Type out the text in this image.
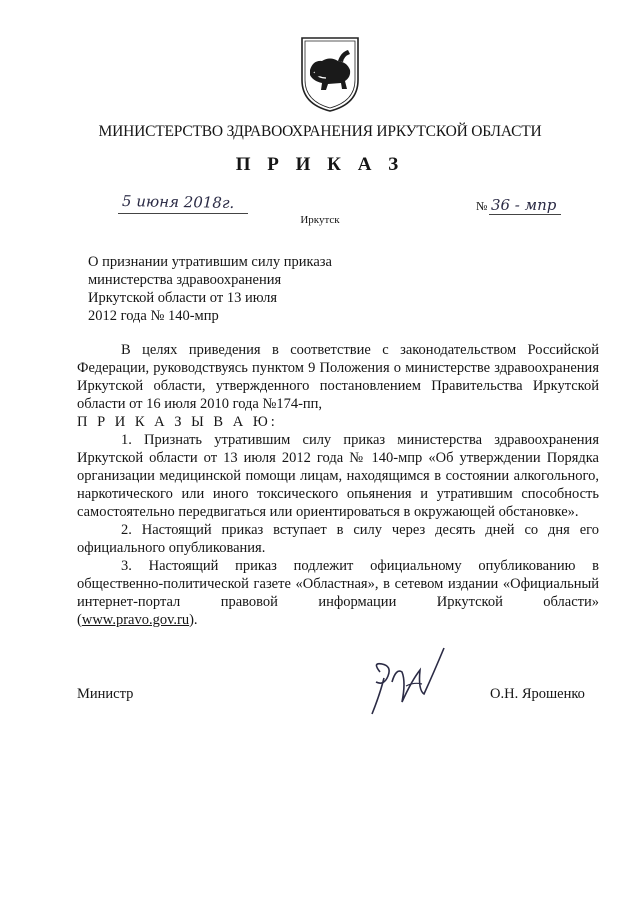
МИНИСТЕРСТВО ЗДРАВООХРАНЕНИЯ ИРКУТСКОЙ ОБЛАСТИ
П Р И К А З
5 июня 2018г.	№ 36 - мпр
Иркутск
О признании утратившим силу приказа
министерства здравоохранения
Иркутской области от 13 июля
2012 года № 140-мпр

В целях приведения в соответствие с законодательством Российской Федерации, руководствуясь пунктом 9 Положения о министерстве здравоохранения Иркутской области, утвержденного постановлением Правительства Иркутской области от 16 июля 2010 года №174-пп,

П Р И К А З Ы В А Ю:

1. Признать утратившим силу приказ министерства здравоохранения

Иркутской области от 13 июля 2012 года № 140-мпр «Об утверждении Порядка организации медицинской помощи лицам, находящимся в состоянии алкогольного, наркотического или иного токсического опьянения и утратившим способность самостоятельно передвигаться или ориентироваться в окружающей обстановке».

2. Настоящий приказ вступает в силу через десять дней со дня его официального опубликования.

3. Настоящий приказ подлежит официальному опубликованию в общественно-политической газете «Областная», в сетевом издании «Официальный интернет-портал правовой информации Иркутской области»

(www.pravo.gov.ru).

Министр	О.Н. Ярошенко
